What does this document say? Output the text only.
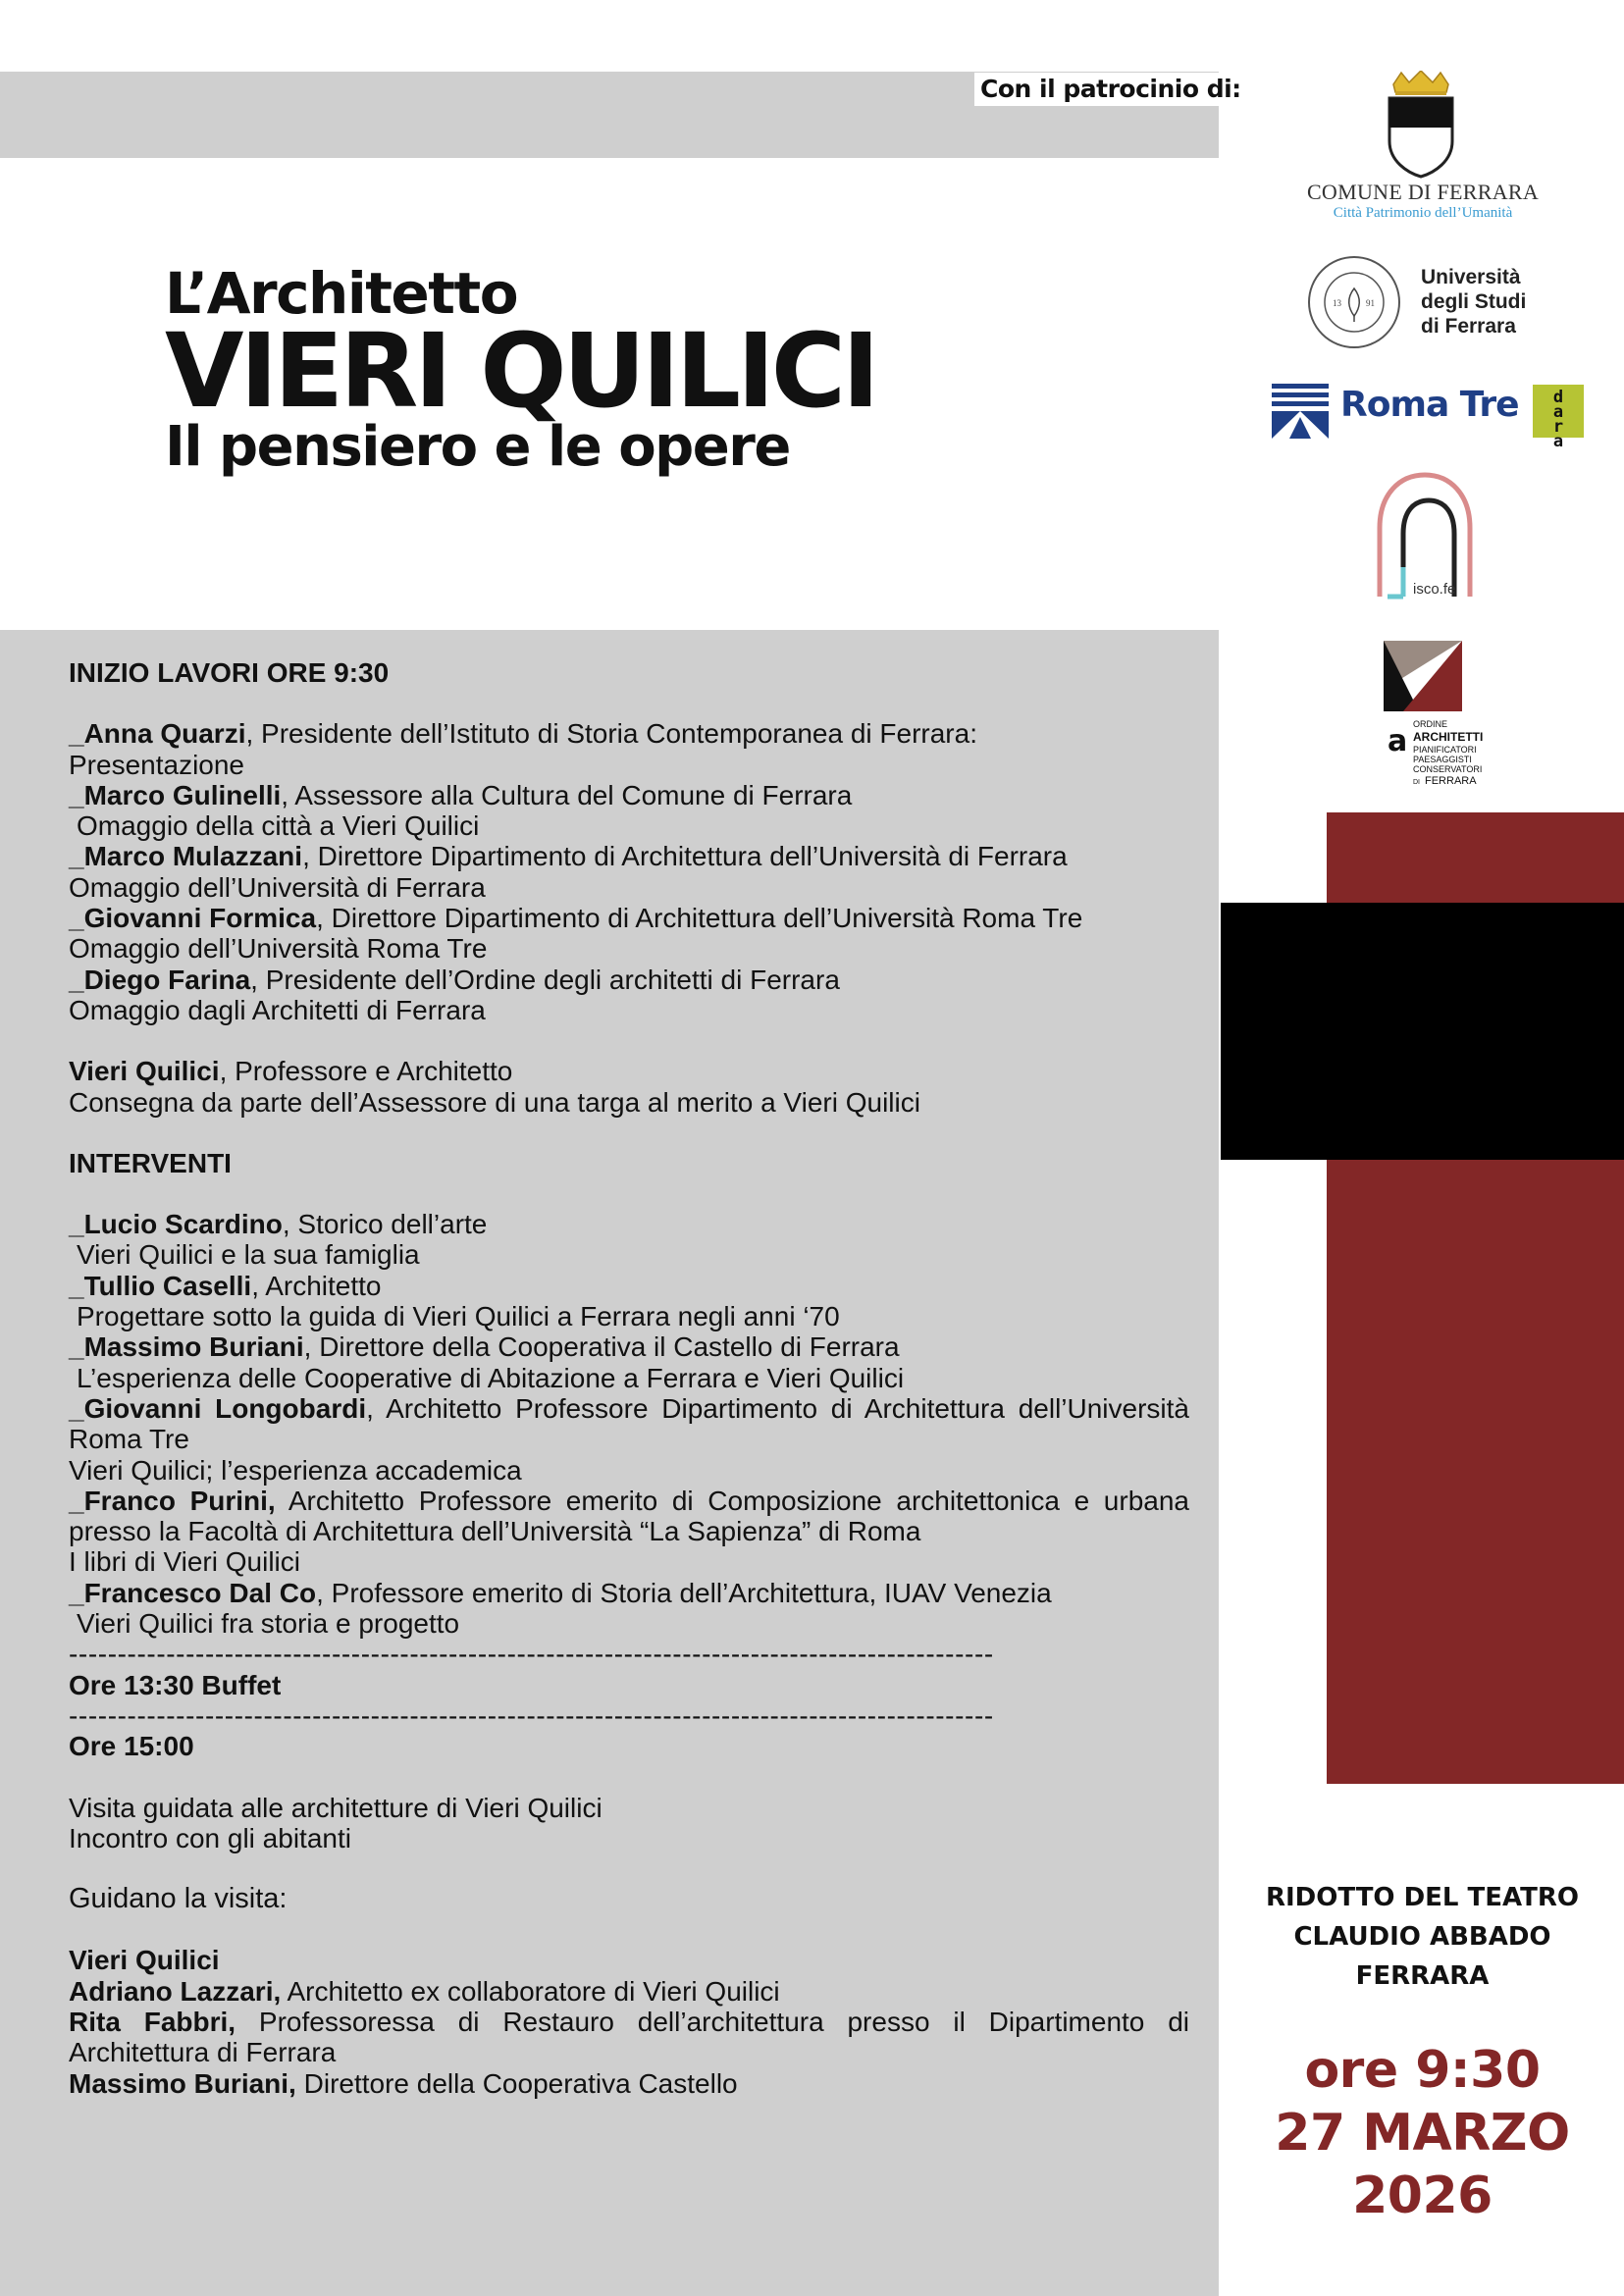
Con il patrocinio di:
L’Architetto
VIERI QUILICI
Il pensiero e le opere

INIZIO LAVORI ORE 9:30

_Anna Quarzi, Presidente dell’Istituto di Storia Contemporanea di Ferrara:

Presentazione

_Marco Gulinelli, Assessore alla Cultura del Comune di Ferrara

Omaggio della città a Vieri Quilici

_Marco Mulazzani, Direttore Dipartimento di Architettura dell’Università di Ferrara

Omaggio dell’Università di Ferrara

_Giovanni Formica, Direttore Dipartimento di Architettura dell’Università Roma Tre

Omaggio dell’Università Roma Tre

_Diego Farina, Presidente dell’Ordine degli architetti di Ferrara

Omaggio dagli Architetti di Ferrara

Vieri Quilici, Professore e Architetto

Consegna da parte dell’Assessore di una targa al merito a Vieri Quilici

INTERVENTI

_Lucio Scardino, Storico dell’arte

Vieri Quilici e la sua famiglia

_Tullio Caselli, Architetto

Progettare sotto la guida di Vieri Quilici a Ferrara negli anni ‘70

_Massimo Buriani, Direttore della Cooperativa il Castello di Ferrara

L’esperienza delle Cooperative di Abitazione a Ferrara e Vieri Quilici

_Giovanni Longobardi, Architetto Professore Dipartimento di Architettura dell’Università Roma Tre

Vieri Quilici; l’esperienza accademica

_Franco Purini, Architetto Professore emerito di Composizione architettonica e urbana presso la Facoltà di Architettura dell’Università “La Sapienza” di Roma

I libri di Vieri Quilici

_Francesco Dal Co, Professore emerito di Storia dell’Architettura, IUAV Venezia

Vieri Quilici fra storia e progetto

-----------------------------------------------------------------------------------------------

Ore 13:30 Buffet

-----------------------------------------------------------------------------------------------

Ore 15:00

Visita guidata alle architetture di Vieri Quilici

Incontro con gli abitanti

Guidano la visita:

Vieri Quilici

Adriano Lazzari, Architetto ex collaboratore di Vieri Quilici

Rita Fabbri, Professoressa di Restauro dell’architettura presso il Dipartimento di Architettura di Ferrara

Massimo Buriani, Direttore della Cooperativa Castello

COMUNE DI FERRARA
Città Patrimonio dell’Umanità
13	91
Università
degli Studi
di Ferrara
Roma Tre	dara
isco.fe
a ORDINE
ARCHITETTI
PIANIFICATORI
PAESAGGISTI
CONSERVATORI
DI FERRARA
RIDOTTO DEL TEATRO
CLAUDIO ABBADO
FERRARA
ore 9:30
27 MARZO
2026
